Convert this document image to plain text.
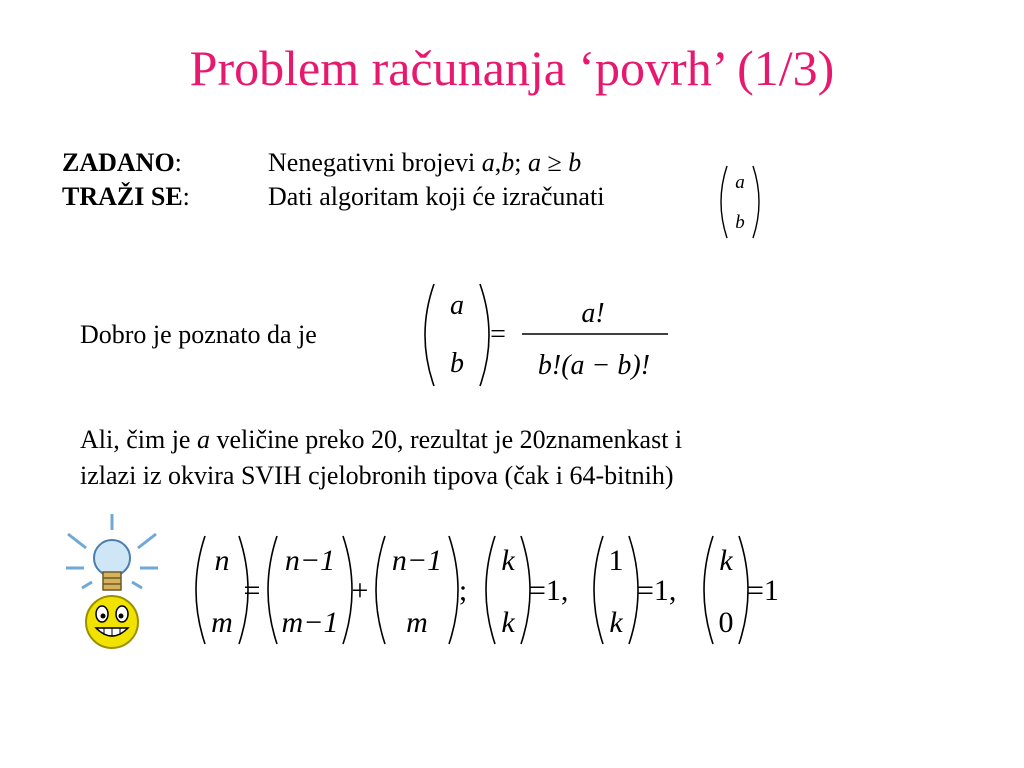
Problem računanja ‘povrh’ (1/3)
ZADANO:	Nenegativni brojevi a,b; a ≥ b
TRAŽI SE:	Dati algoritam koji će izračunati	a
b
Dobro je poznato da je
a
b
=
a!
b!(a − b)!
Ali, čim je a veličine preko 20, rezultat je 20znamenkast i
izlazi iz okvira SVIH cjelobronih tipova (čak i 64-bitnih)
n
m
=
n−1
m−1
+
n−1
m
;
k
k
=1,
1
k
=1,
k
0
=1
